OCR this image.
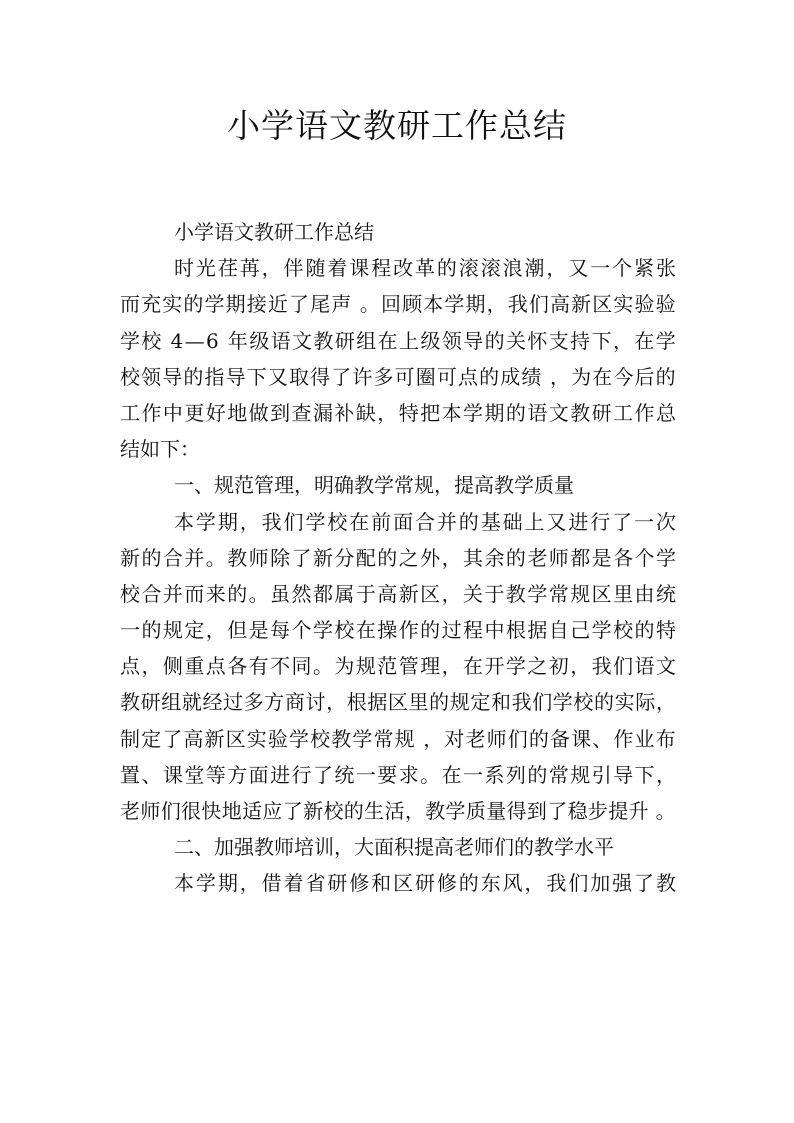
小学语文教研工作总结
小 学 语 文 教 研 工 作 总 结
时 光 荏 苒 ， 伴 随 着 课 程 改 革 的 滚 滚 浪 潮 ， 又 一 个 紧 张
而 充 实 的 学 期 接 近 了 尾 声
。 回 顾 本 学 期 ， 我 们 高 新 区 实 验 验
学 校
4 — 6
年 级 语 文 教 研 组 在 上 级 领 导 的 关 怀 支 持 下 ， 在 学
校 领 导 的 指 导 下 又 取 得 了 许 多 可 圈 可 点 的 成 绩
， 为 在 今 后 的
工 作 中 更 好 地 做 到 查 漏 补 缺 ， 特 把 本 学 期 的 语 文 教 研 工 作 总
结 如 下 ：
一 、 规 范 管 理 ， 明 确 教 学 常 规 ， 提 高 教 学 质 量
本 学 期 ， 我 们 学 校 在 前 面 合 并 的 基 础 上 又 进 行 了 一 次
新 的 合 并 。 教 师 除 了 新 分 配 的 之 外 ， 其 余 的 老 师 都 是 各 个 学
校 合 并 而 来 的 。 虽 然 都 属 于 高 新 区 ， 关 于 教 学 常 规 区 里 由 统
一 的 规 定 ， 但 是 每 个 学 校 在 操 作 的 过 程 中 根 据 自 己 学 校 的 特
点 ， 侧 重 点 各 有 不 同 。 为 规 范 管 理 ， 在 开 学 之 初 ， 我 们 语 文
教 研 组 就 经 过 多 方 商 讨 ， 根 据 区 里 的 规 定 和 我 们 学 校 的 实 际 ，
制 定 了 高 新 区 实 验 学 校 教 学 常 规
， 对 老 师 们 的 备 课 、 作 业 布
置 、 课 堂 等 方 面 进 行 了 统 一 要 求 。 在 一 系 列 的 常 规 引 导 下 ，
老 师 们 很 快 地 适 应 了 新 校 的 生 活 ， 教 学 质 量 得 到 了 稳 步 提 升
。
二 、 加 强 教 师 培 训 ， 大 面 积 提 高 老 师 们 的 教 学 水 平
本 学 期 ， 借 着 省 研 修 和 区 研 修 的 东 风 ， 我 们 加 强 了 教
